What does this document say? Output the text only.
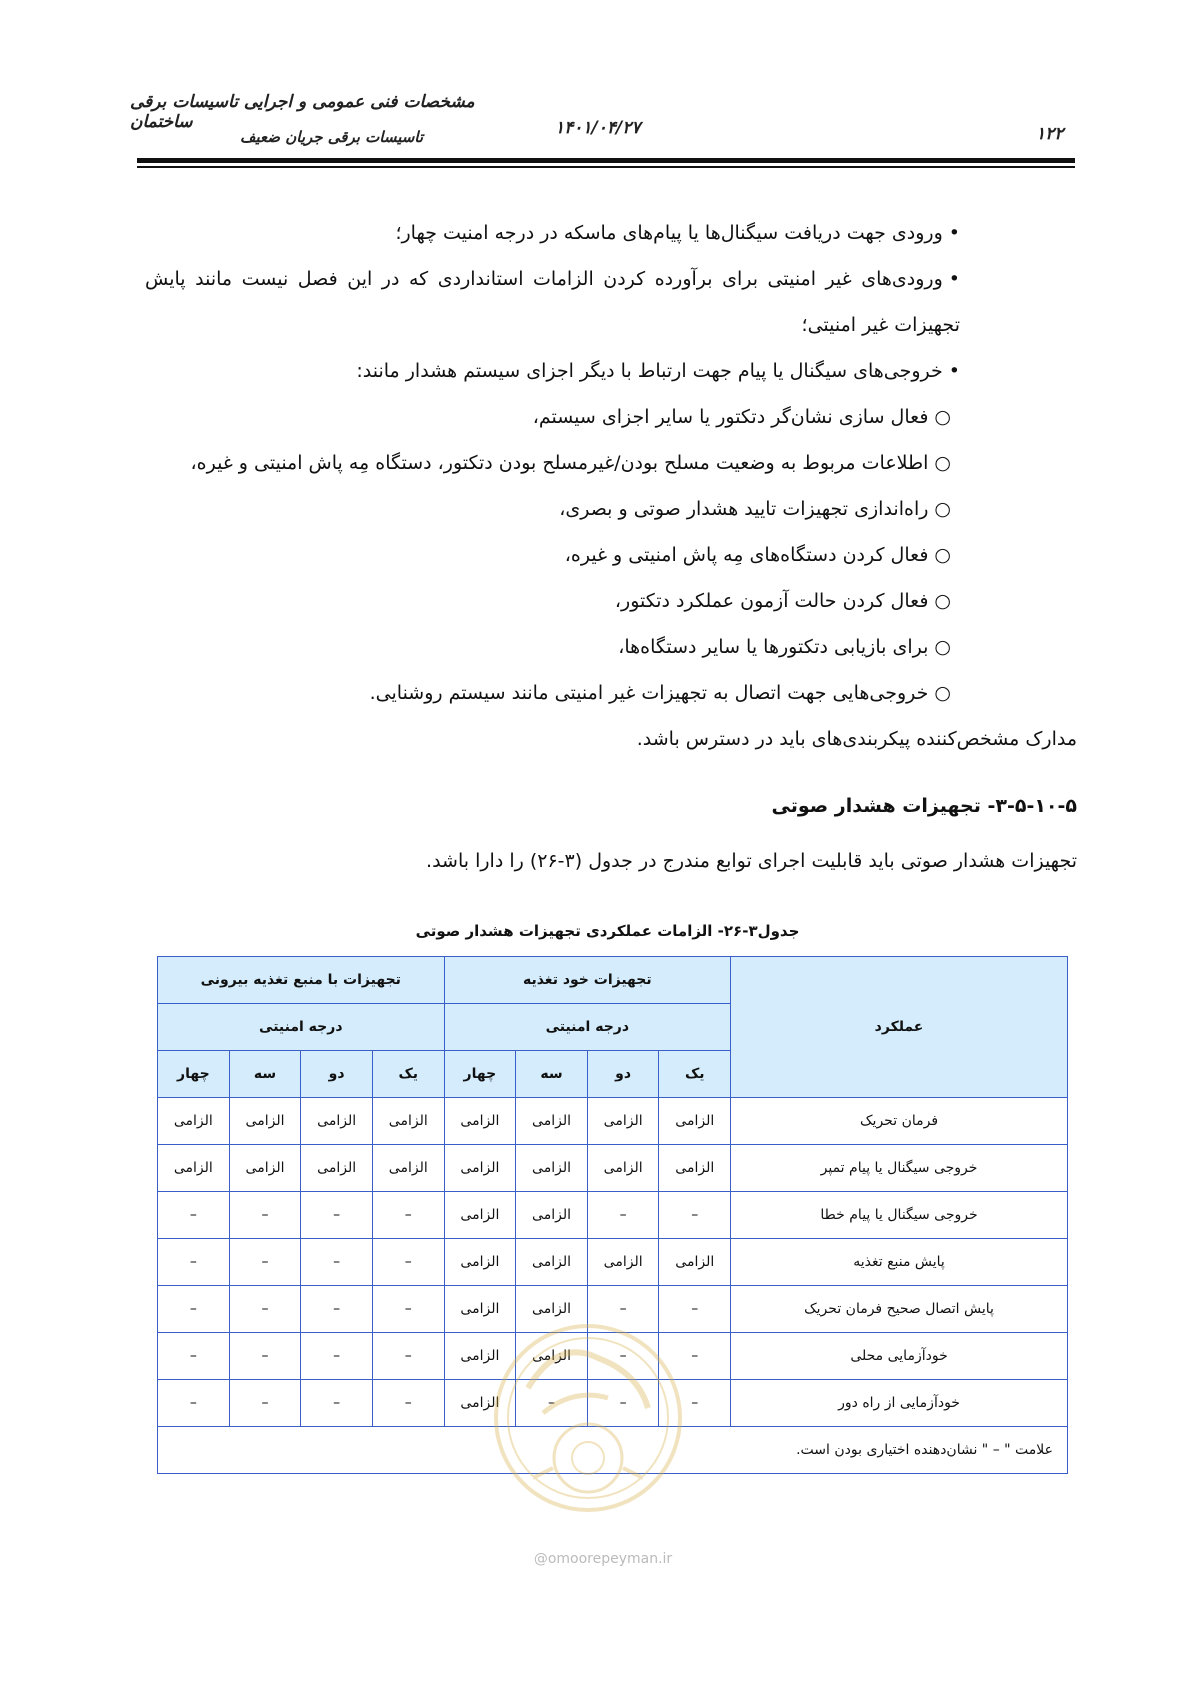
مشخصات فنی عمومی و اجرایی تاسیسات برقی ساختمان
تاسیسات برقی جریان ضعیف	۱۴۰۱/۰۴/۲۷	۱۲۲
•ورودی جهت دریافت سیگنال‌ها یا پیام‌های ماسکه در درجه امنیت چهار؛
•ورودی‌های غیر امنیتی برای برآورده کردن الزامات استانداردی که در این فصل نیست مانند پایش
تجهیزات غیر امنیتی؛
•خروجی‌های سیگنال یا پیام جهت ارتباط با دیگر اجزای سیستم هشدار مانند:
○فعال سازی نشان‌گر دتکتور یا سایر اجزای سیستم،
○اطلاعات مربوط به وضعیت مسلح بودن/غیرمسلح بودن دتکتور، دستگاه مِه پاش امنیتی و غیره،
○راه‌اندازی تجهیزات تایید هشدار صوتی و بصری،
○فعال کردن دستگاه‌های مِه پاش امنیتی و غیره،
○فعال کردن حالت آزمون عملکرد دتکتور،
○برای بازیابی دتکتورها یا سایر دستگاه‌ها،
○خروجی‌هایی جهت اتصال به تجهیزات غیر امنیتی مانند سیستم روشنایی.
مدارک مشخص‌کننده پیکربندی‌های باید در دسترس باشد.
۳-۵-۱۰-۵- تجهیزات هشدار صوتی
تجهیزات هشدار صوتی باید قابلیت اجرای توابع مندرج در جدول (۳-۲۶) را دارا باشد.
جدول۳-۲۶- الزامات عملکردی تجهیزات هشدار صوتی
عملکرد	تجهیزات خود تغذیه				تجهیزات با منبع تغذیه بیرونی			
	درجه امنیتی				درجه امنیتی			
	یک	دو	سه	چهار	یک	دو	سه	چهار
فرمان تحریک	الزامی	الزامی	الزامی	الزامی	الزامی	الزامی	الزامی	الزامی
خروجی سیگنال یا پیام تمپر	الزامی	الزامی	الزامی	الزامی	الزامی	الزامی	الزامی	الزامی
خروجی سیگنال یا پیام خطا	–	–	الزامی	الزامی	–	–	–	–
پایش منبع تغذیه	الزامی	الزامی	الزامی	الزامی	–	–	–	–
پایش اتصال صحیح فرمان تحریک	–	–	الزامی	الزامی	–	–	–	–
خودآزمایی محلی	–	–	الزامی	الزامی	–	–	–	–
خودآزمایی از راه دور	–	–	–	الزامی	–	–	–	–
علامت " – " نشان‌دهنده اختیاری بودن است.								
@omoorepeyman.ir
